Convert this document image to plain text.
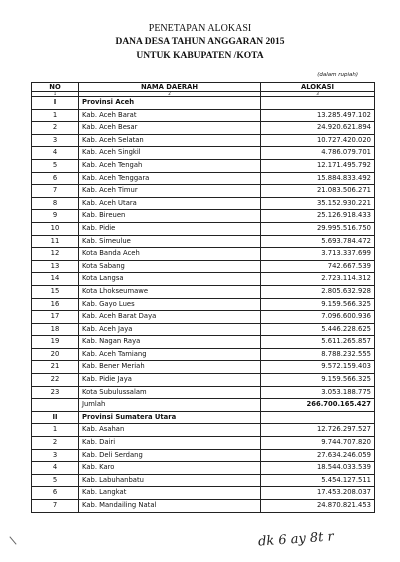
PENETAPAN ALOKASI
DANA DESA TAHUN ANGGARAN 2015
UNTUK KABUPATEN /KOTA
(dalam rupiah)
NO	NAMA DAERAH	ALOKASI
1	2	3
I	Provinsi Aceh	
1	Kab. Aceh Barat	13.285.497.102
2	Kab. Aceh Besar	24.920.621.894
3	Kab. Aceh Selatan	10.727.420.020
4	Kab. Aceh Singkil	4.786.079.701
5	Kab. Aceh Tengah	12.171.495.792
6	Kab. Aceh Tenggara	15.884.833.492
7	Kab. Aceh Timur	21.083.506.271
8	Kab. Aceh Utara	35.152.930.221
9	Kab. Bireuen	25.126.918.433
10	Kab. Pidie	29.995.516.750
11	Kab. Simeulue	5.693.784.472
12	Kota Banda Aceh	3.713.337.699
13	Kota Sabang	742.667.539
14	Kota Langsa	2.723.114.312
15	Kota Lhokseumawe	2.805.632.928
16	Kab. Gayo Lues	9.159.566.325
17	Kab. Aceh Barat Daya	7.096.600.936
18	Kab. Aceh Jaya	5.446.228.625
19	Kab. Nagan Raya	5.611.265.857
20	Kab. Aceh Tamiang	8.788.232.555
21	Kab. Bener Meriah	9.572.159.403
22	Kab. Pidie Jaya	9.159.566.325
23	Kota Subulussalam	3.053.188.775
	Jumlah	266.700.165.427
II	Provinsi Sumatera Utara	
1	Kab. Asahan	12.726.297.527
2	Kab. Dairi	9.744.707.820
3	Kab. Deli Serdang	27.634.246.059
4	Kab. Karo	18.544.033.539
5	Kab. Labuhanbatu	5.454.127.511
6	Kab. Langkat	17.453.208.037
7	Kab. Mandailing Natal	24.870.821.453
dk 6 ay 8t r
